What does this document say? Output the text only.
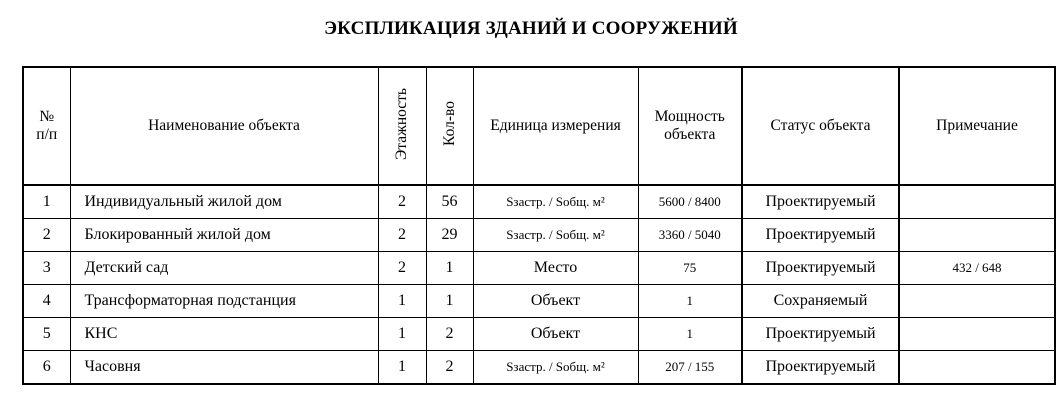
ЭКСПЛИКАЦИЯ ЗДАНИЙ И СООРУЖЕНИЙ
№ п/п	Наименование объекта	Этажность	Кол-во	Единица измерения	Мощность объекта	Статус объекта	Примечание
1	Индивидуальный жилой дом	2	56	Sзастр. / Sобщ. м²	5600 / 8400	Проектируемый	
2	Блокированный жилой дом	2	29	Sзастр. / Sобщ. м²	3360 / 5040	Проектируемый	
3	Детский сад	2	1	Место	75	Проектируемый	432 / 648
4	Трансформаторная подстанция	1	1	Объект	1	Сохраняемый	
5	КНС	1	2	Объект	1	Проектируемый	
6	Часовня	1	2	Sзастр. / Sобщ. м²	207 / 155	Проектируемый	
